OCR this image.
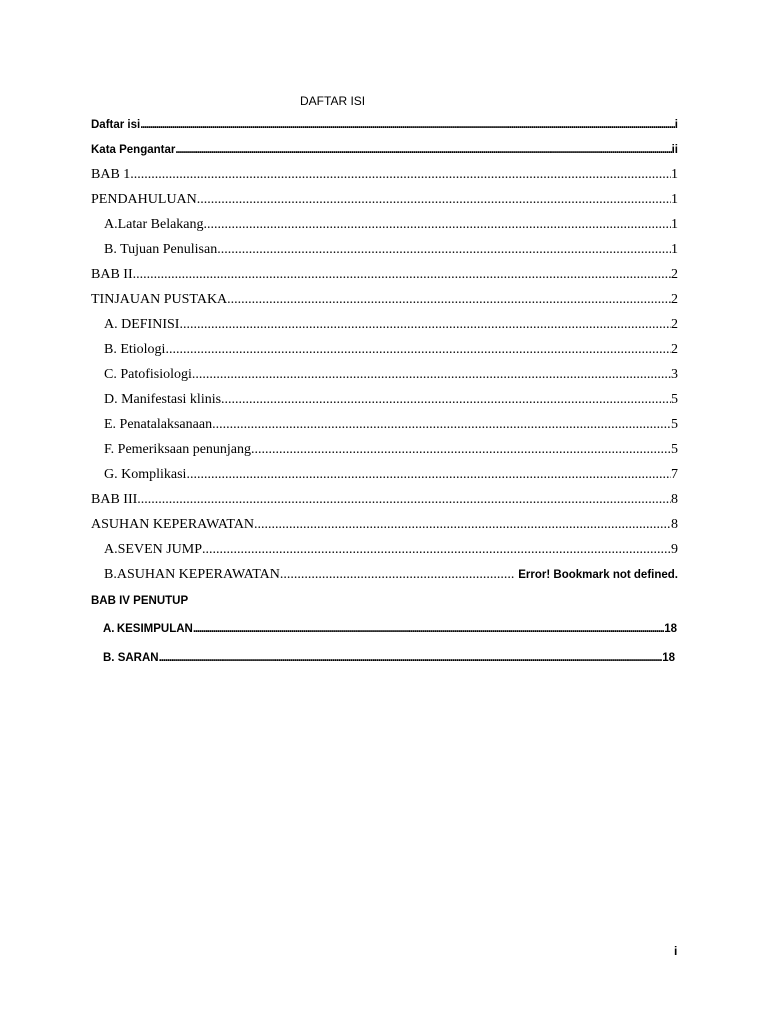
DAFTAR ISI
Daftar isi .....	i
Kata Pengantar .....	ii
BAB 1 .....	1
PENDAHULUAN .....	1
A. Latar Belakang .....	1
B. Tujuan Penulisan .....	1
BAB II .....	2
TINJAUAN PUSTAKA .....	2
A. DEFINISI .....	2
B. Etiologi .....	2
C. Patofisiologi .....	3
D. Manifestasi klinis .....	5
E. Penatalaksanaan .....	5
F. Pemeriksaan penunjang .....	5
G. Komplikasi .....	7
BAB III .....	8
ASUHAN KEPERAWATAN .....	8
A. SEVEN JUMP .....	9
B. ASUHAN KEPERAWATAN .....	Error! Bookmark not defined.
BAB IV PENUTUP
A. KESIMPULAN .....	18
B. SARAN .....	18
i
